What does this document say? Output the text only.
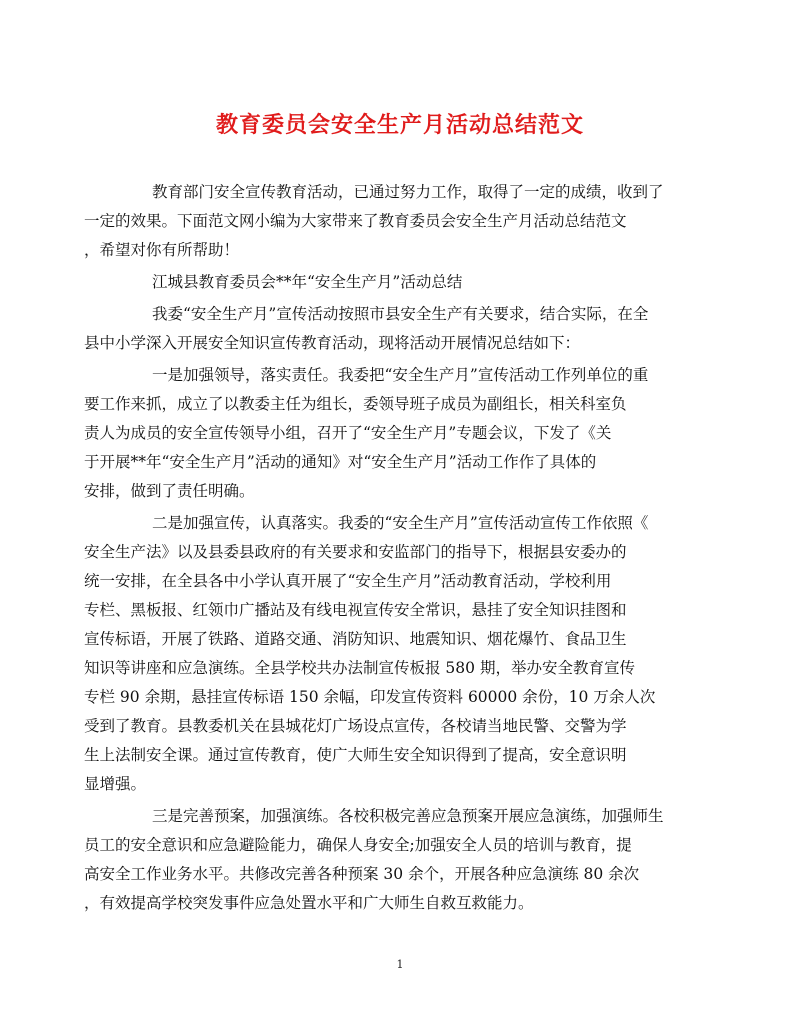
教育委员会安全生产月活动总结范文
教育部门安全宣传教育活动，已通过努力工作，取得了一定的成绩，收到了
一定的效果。下面范文网小编为大家带来了教育委员会安全生产月活动总结范文
，希望对你有所帮助！
江城县教育委员会**年“安全生产月”活动总结
我委“安全生产月”宣传活动按照市县安全生产有关要求，结合实际，在全
县中小学深入开展安全知识宣传教育活动，现将活动开展情况总结如下：
一是加强领导，落实责任。我委把“安全生产月”宣传活动工作列单位的重
要工作来抓，成立了以教委主任为组长，委领导班子成员为副组长，相关科室负
责人为成员的安全宣传领导小组，召开了“安全生产月”专题会议，下发了《关
于开展**年“安全生产月”活动的通知》对“安全生产月”活动工作作了具体的
安排，做到了责任明确。
二是加强宣传，认真落实。我委的“安全生产月”宣传活动宣传工作依照《
安全生产法》以及县委县政府的有关要求和安监部门的指导下，根据县安委办的
统一安排，在全县各中小学认真开展了“安全生产月”活动教育活动，学校利用
专栏、黑板报、红领巾广播站及有线电视宣传安全常识，悬挂了安全知识挂图和
宣传标语，开展了铁路、道路交通、消防知识、地震知识、烟花爆竹、食品卫生
知识等讲座和应急演练。全县学校共办法制宣传板报 580 期，举办安全教育宣传
专栏 90 余期，悬挂宣传标语 150 余幅，印发宣传资料 60000 余份，10 万余人次
受到了教育。县教委机关在县城花灯广场设点宣传，各校请当地民警、交警为学
生上法制安全课。通过宣传教育，使广大师生安全知识得到了提高，安全意识明
显增强。
三是完善预案，加强演练。各校积极完善应急预案开展应急演练，加强师生
员工的安全意识和应急避险能力，确保人身安全;加强安全人员的培训与教育，提
高安全工作业务水平。共修改完善各种预案 30 余个，开展各种应急演练 80 余次
，有效提高学校突发事件应急处置水平和广大师生自救互救能力。
1
